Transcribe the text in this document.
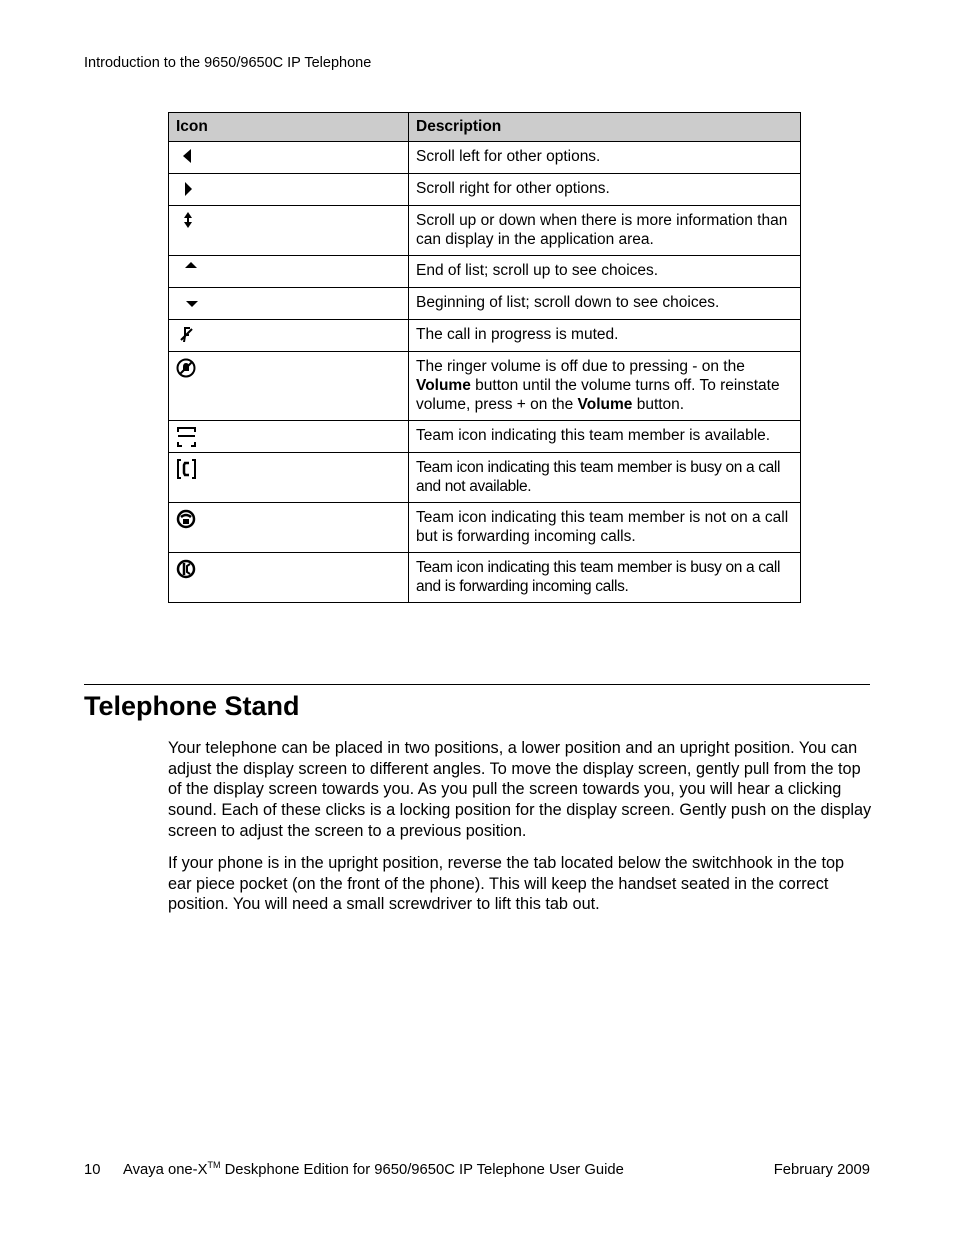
Introduction to the 9650/9650C IP Telephone
Icon	Description

	Scroll left for other options.

	Scroll right for other options.

	Scroll up or down when there is more information than can display in the application area.

	End of list; scroll up to see choices.

	Beginning of list; scroll down to see choices.

	The call in progress is muted.

	The ringer volume is off due to pressing - on the Volume button until the volume turns off. To reinstate volume, press + on the Volume button.

	Team icon indicating this team member is available.

	Team icon indicating this team member is busy on a call and not available.

	Team icon indicating this team member is not on a call but is forwarding incoming calls.

	Team icon indicating this team member is busy on a call and is forwarding incoming calls.
Telephone Stand

Your telephone can be placed in two positions, a lower position and an upright position. You can adjust the display screen to different angles. To move the display screen, gently pull from the top of the display screen towards you. As you pull the screen towards you, you will hear a clicking sound. Each of these clicks is a locking position for the display screen. Gently push on the display screen to adjust the screen to a previous position.

If your phone is in the upright position, reverse the tab located below the switchhook in the top ear piece pocket (on the front of the phone). This will keep the handset seated in the correct position. You will need a small screwdriver to lift this tab out.

10 Avaya one-X™ Deskphone Edition for 9650/9650C IP Telephone User Guide	February 2009
